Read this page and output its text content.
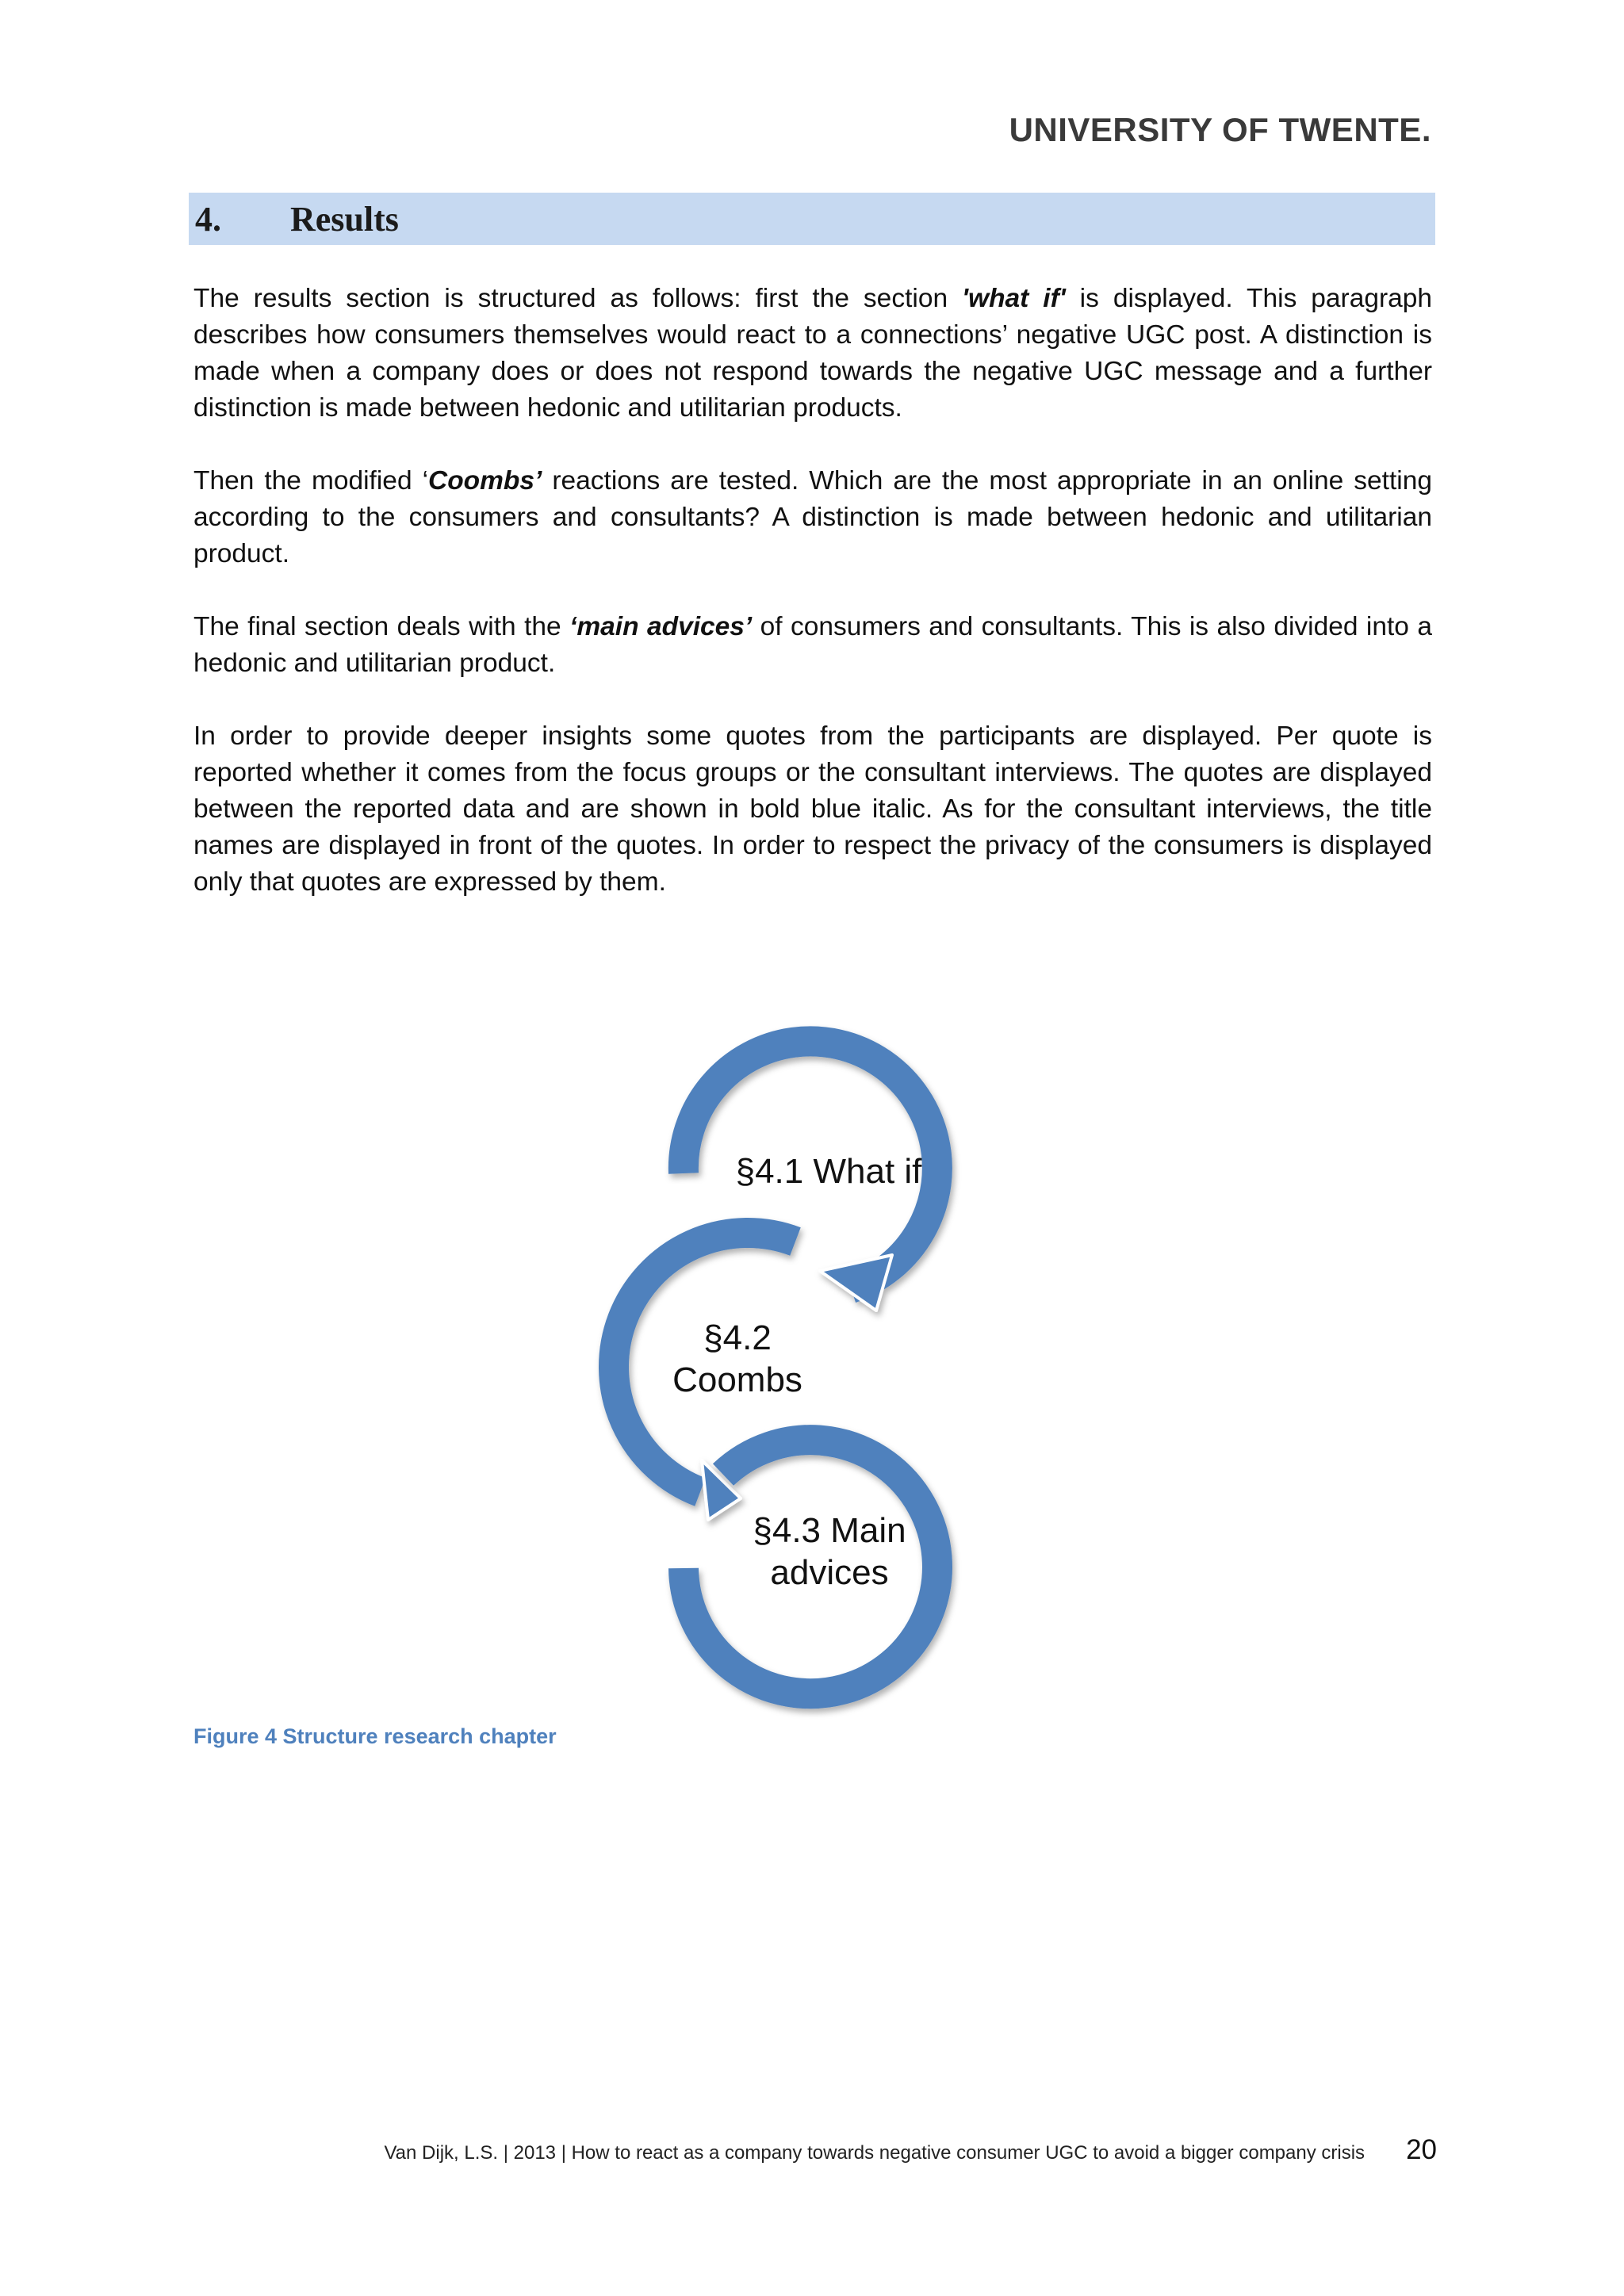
UNIVERSITY OF TWENTE.
4.	Results

The results section is structured as follows: first the section 'what if' is displayed. This paragraph describes how consumers themselves would react to a connections’ negative UGC post. A distinction is made when a company does or does not respond towards the negative UGC message and a further distinction is made between hedonic and utilitarian products.

Then the modified ‘Coombs’ reactions are tested. Which are the most appropriate in an online setting according to the consumers and consultants? A distinction is made between hedonic and utilitarian product.

The final section deals with the ‘main advices’ of consumers and consultants. This is also divided into a hedonic and utilitarian product.

In order to provide deeper insights some quotes from the participants are displayed. Per quote is reported whether it comes from the focus groups or the consultant interviews. The quotes are displayed between the reported data and are shown in bold blue italic. As for the consultant interviews, the title names are displayed in front of the quotes. In order to respect the privacy of the consumers is displayed only that quotes are expressed by them.

§4.1 What if
§4.2
Coombs
§4.3 Main
advices
Figure 4 Structure research chapter
Van Dijk, L.S. | 2013 | How to react as a company towards negative consumer UGC to avoid a bigger company crisis 20
